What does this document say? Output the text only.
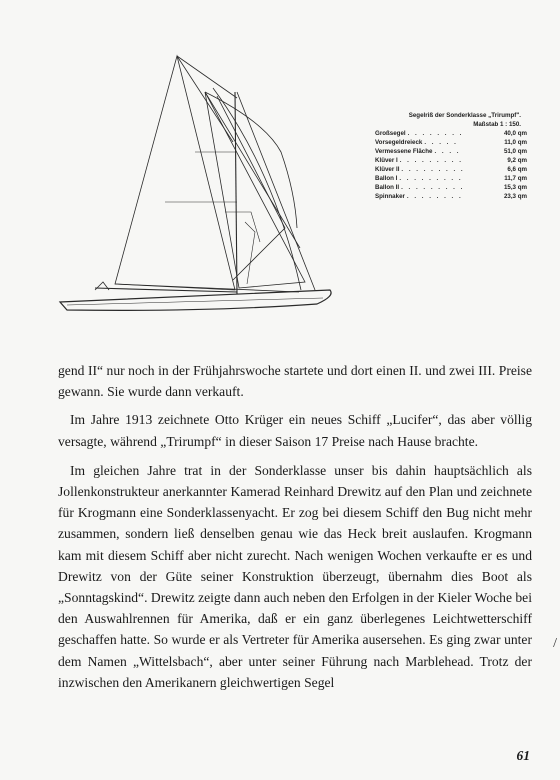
Segelriß der Sonderklasse „Trirumpf".
Maßstab 1 : 150.
Großsegel . . . . . . . .	40,0 qm
Vorsegeldreieck . . . . .	11,0 qm
Vermessene Fläche . . . .	51,0 qm
Klüver I . . . . . . . . .	9,2 qm
Klüver II . . . . . . . . .	6,6 qm
Ballon I . . . . . . . . .	11,7 qm
Ballon II . . . . . . . . .	15,3 qm
Spinnaker . . . . . . . .	23,3 qm

gend II“ nur noch in der Frühjahrswoche startete und dort einen II. und zwei III. Preise gewann. Sie wurde dann verkauft.

Im Jahre 1913 zeichnete Otto Krüger ein neues Schiff „Lucifer“, das aber völlig versagte, während „Trirumpf“ in dieser Saison 17 Preise nach Hause brachte.

Im gleichen Jahre trat in der Sonderklasse unser bis dahin hauptsächlich als Jollenkonstrukteur anerkannter Kamerad Reinhard Drewitz auf den Plan und zeichnete für Krogmann eine Sonderklassenyacht. Er zog bei diesem Schiff den Bug nicht mehr zusammen, sondern ließ denselben genau wie das Heck breit auslaufen. Krogmann kam mit diesem Schiff aber nicht zurecht. Nach wenigen Wochen verkaufte er es und Drewitz von der Güte seiner Konstruktion überzeugt, übernahm dies Boot als „Sonntagskind“. Drewitz zeigte dann auch neben den Erfolgen in der Kieler Woche bei den Auswahlrennen für Amerika, daß er ein ganz überlegenes Leichtwetterschiff geschaffen hatte. So wurde er als Vertreter für Amerika ausersehen. Es ging zwar unter dem Namen „Wittelsbach“, aber unter seiner Führung nach Marblehead. Trotz der inzwischen den Amerikanern gleichwertigen Segel

/
61
